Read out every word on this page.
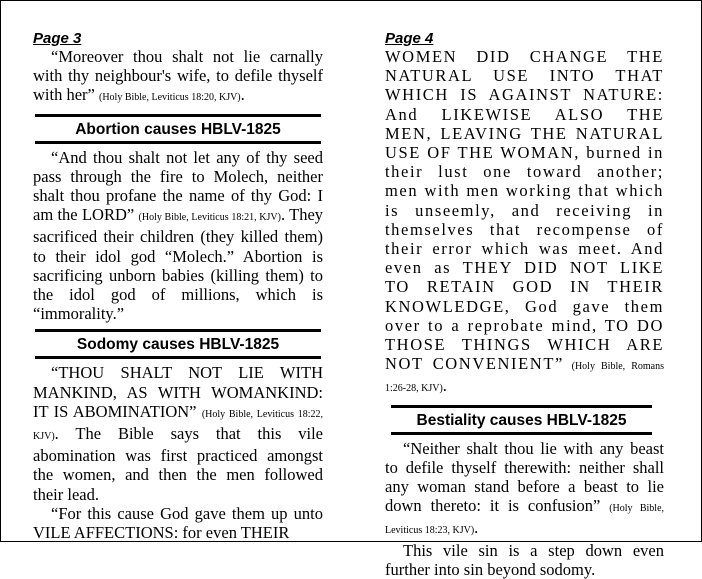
Page 3

“Moreover thou shalt not lie carnally with thy neighbour's wife, to defile thyself with her” (Holy Bible, Leviticus 18:20, KJV).

Abortion causes HBLV-1825

“And thou shalt not let any of thy seed pass through the fire to Molech, neither shalt thou profane the name of thy God: I am the LORD” (Holy Bible, Leviticus 18:21, KJV). They sacrificed their children (they killed them) to their idol god “Molech.” Abortion is sacrificing unborn babies (killing them) to the idol god of millions, which is “immorality.”

Sodomy causes HBLV-1825

“THOU SHALT NOT LIE WITH MANKIND, AS WITH WOMANKIND: IT IS ABOMINATION” (Holy Bible, Leviticus 18:22, KJV). The Bible says that this vile abomination was first practiced amongst the women, and then the men followed their lead.

“For this cause God gave them up unto VILE AFFECTIONS: for even THEIR

Page 4

WOMEN DID CHANGE THE NATURAL USE INTO THAT WHICH IS AGAINST NATURE: And LIKEWISE ALSO THE MEN, LEAVING THE NATURAL USE OF THE WOMAN, burned in their lust one toward another; men with men working that which is unseemly, and receiving in themselves that recompense of their error which was meet. And even as THEY DID NOT LIKE TO RETAIN GOD IN THEIR KNOWLEDGE, God gave them over to a reprobate mind, TO DO THOSE THINGS WHICH ARE NOT CONVENIENT” (Holy Bible, Romans 1:26-28, KJV).

Bestiality causes HBLV-1825

“Neither shalt thou lie with any beast to defile thyself therewith: neither shall any woman stand before a beast to lie down thereto: it is confusion” (Holy Bible, Leviticus 18:23, KJV).

This vile sin is a step down even further into sin beyond sodomy.
